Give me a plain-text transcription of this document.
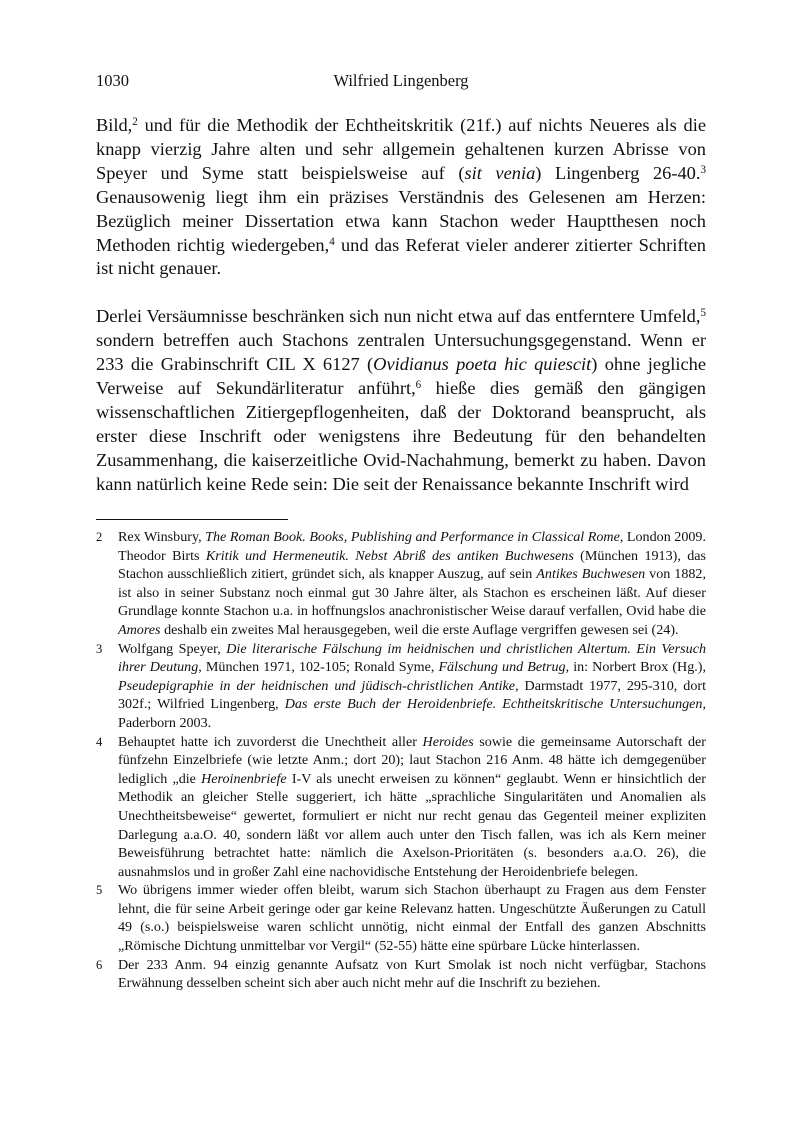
1030	Wilfried Lingenberg

Bild,$^2$ und für die Methodik der Echtheitskritik (21f.) auf nichts Neueres als die knapp vierzig Jahre alten und sehr allgemein gehaltenen kurzen Abrisse von Speyer und Syme statt beispielsweise auf (sit venia) Lingenberg 26-40.$^3$ Genausowenig liegt ihm ein präzises Verständnis des Gelesenen am Herzen: Bezüglich meiner Dissertation etwa kann Stachon weder Hauptthesen noch Methoden richtig wiedergeben,$^4$ und das Referat vieler anderer zitierter Schriften ist nicht genauer.

Derlei Versäumnisse beschränken sich nun nicht etwa auf das entferntere Umfeld,$^5$ sondern betreffen auch Stachons zentralen Untersuchungsgegenstand. Wenn er 233 die Grabinschrift CIL X 6127 (Ovidianus poeta hic quiescit) ohne jegliche Verweise auf Sekundärliteratur anführt,$^6$ hieße dies gemäß den gängigen wissenschaftlichen Zitiergepflogenheiten, daß der Doktorand beansprucht, als erster diese Inschrift oder wenigstens ihre Bedeutung für den behandelten Zusammenhang, die kaiserzeitliche Ovid-Nachahmung, bemerkt zu haben. Davon kann natürlich keine Rede sein: Die seit der Renaissance bekannte Inschrift wird

2 Rex Winsbury, The Roman Book. Books, Publishing and Performance in Classical Rome, London 2009. Theodor Birts Kritik und Hermeneutik. Nebst Abriß des antiken Buchwesens (München 1913), das Stachon ausschließlich zitiert, gründet sich, als knapper Auszug, auf sein Antikes Buchwesen von 1882, ist also in seiner Substanz noch einmal gut 30 Jahre älter, als Stachon es erscheinen läßt. Auf dieser Grundlage konnte Stachon u.a. in hoffnungslos anachronistischer Weise darauf verfallen, Ovid habe die Amores deshalb ein zweites Mal herausgegeben, weil die erste Auflage vergriffen gewesen sei (24).
3 Wolfgang Speyer, Die literarische Fälschung im heidnischen und christlichen Altertum. Ein Versuch ihrer Deutung, München 1971, 102-105; Ronald Syme, Fälschung und Betrug, in: Norbert Brox (Hg.), Pseudepigraphie in der heidnischen und jüdisch-christlichen Antike, Darmstadt 1977, 295-310, dort 302f.; Wilfried Lingenberg, Das erste Buch der Heroidenbriefe. Echtheitskritische Untersuchungen, Paderborn 2003.
4 Behauptet hatte ich zuvorderst die Unechtheit aller Heroides sowie die gemeinsame Autorschaft der fünfzehn Einzelbriefe (wie letzte Anm.; dort 20); laut Stachon 216 Anm. 48 hätte ich demgegenüber lediglich „die Heroinenbriefe I-V als unecht erweisen zu können“ geglaubt. Wenn er hinsichtlich der Methodik an gleicher Stelle suggeriert, ich hätte „sprachliche Singularitäten und Anomalien als Unechtheitsbeweise“ gewertet, formuliert er nicht nur recht genau das Gegenteil meiner expliziten Darlegung a.a.O. 40, sondern läßt vor allem auch unter den Tisch fallen, was ich als Kern meiner Beweisführung betrachtet hatte: nämlich die Axelson-Prioritäten (s. besonders a.a.O. 26), die ausnahmslos und in großer Zahl eine nachovidische Entstehung der Heroidenbriefe belegen.
5 Wo übrigens immer wieder offen bleibt, warum sich Stachon überhaupt zu Fragen aus dem Fenster lehnt, die für seine Arbeit geringe oder gar keine Relevanz hatten. Ungeschützte Äußerungen zu Catull 49 (s.o.) beispielsweise waren schlicht unnötig, nicht einmal der Entfall des ganzen Abschnitts „Römische Dichtung unmittelbar vor Vergil“ (52-55) hätte eine spürbare Lücke hinterlassen.
6 Der 233 Anm. 94 einzig genannte Aufsatz von Kurt Smolak ist noch nicht verfügbar, Stachons Erwähnung desselben scheint sich aber auch nicht mehr auf die Inschrift zu beziehen.
